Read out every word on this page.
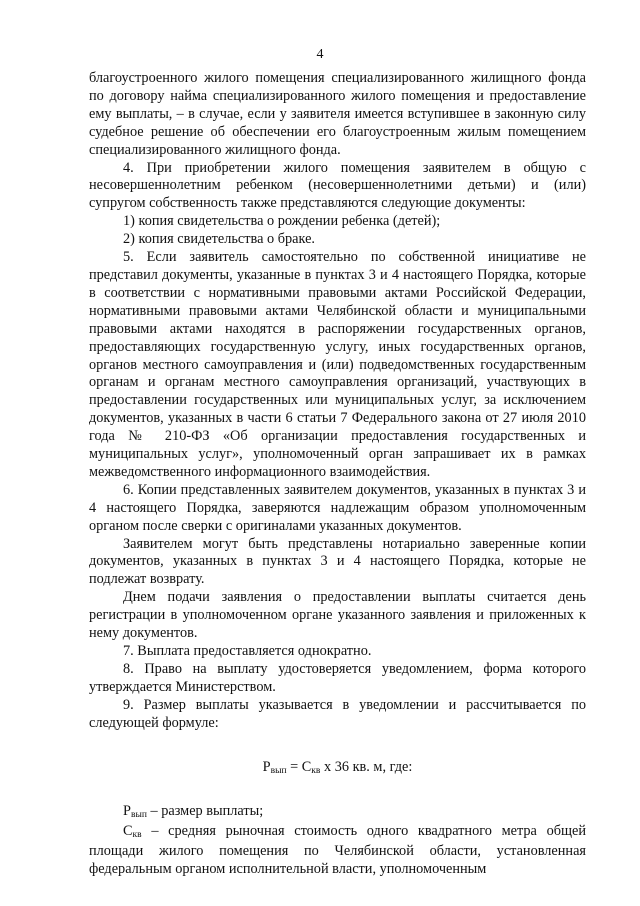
4

благоустроенного жилого помещения специализированного жилищного фонда по договору найма специализированного жилого помещения и предоставление ему выплаты, – в случае, если у заявителя имеется вступившее в законную силу судебное решение об обеспечении его благоустроенным жилым помещением специализированного жилищного фонда.

4. При приобретении жилого помещения заявителем в общую с несовершеннолетним ребенком (несовершеннолетними детьми) и (или) супругом собственность также представляются следующие документы:

1) копия свидетельства о рождении ребенка (детей);

2) копия свидетельства о браке.

5. Если заявитель самостоятельно по собственной инициативе не представил документы, указанные в пунктах 3 и 4 настоящего Порядка, которые в соответствии с нормативными правовыми актами Российской Федерации, нормативными правовыми актами Челябинской области и муниципальными правовыми актами находятся в распоряжении государственных органов, предоставляющих государственную услугу, иных государственных органов, органов местного самоуправления и (или) подведомственных государственным органам и органам местного самоуправления организаций, участвующих в предоставлении государственных или муниципальных услуг, за исключением документов, указанных в части 6 статьи 7 Федерального закона от 27 июля 2010 года № 210-ФЗ «Об организации предоставления государственных и муниципальных услуг», уполномоченный орган запрашивает их в рамках межведомственного информационного взаимодействия.

6. Копии представленных заявителем документов, указанных в пунктах 3 и 4 настоящего Порядка, заверяются надлежащим образом уполномоченным органом после сверки с оригиналами указанных документов.

Заявителем могут быть представлены нотариально заверенные копии документов, указанных в пунктах 3 и 4 настоящего Порядка, которые не подлежат возврату.

Днем подачи заявления о предоставлении выплаты считается день регистрации в уполномоченном органе указанного заявления и приложенных к нему документов.

7. Выплата предоставляется однократно.

8. Право на выплату удостоверяется уведомлением, форма которого утверждается Министерством.

9. Размер выплаты указывается в уведомлении и рассчитывается по следующей формуле:

Рвып = Скв х 36 кв. м, где:

Рвып – размер выплаты;

Скв – средняя рыночная стоимость одного квадратного метра общей площади жилого помещения по Челябинской области, установленная федеральным органом исполнительной власти, уполномоченным
